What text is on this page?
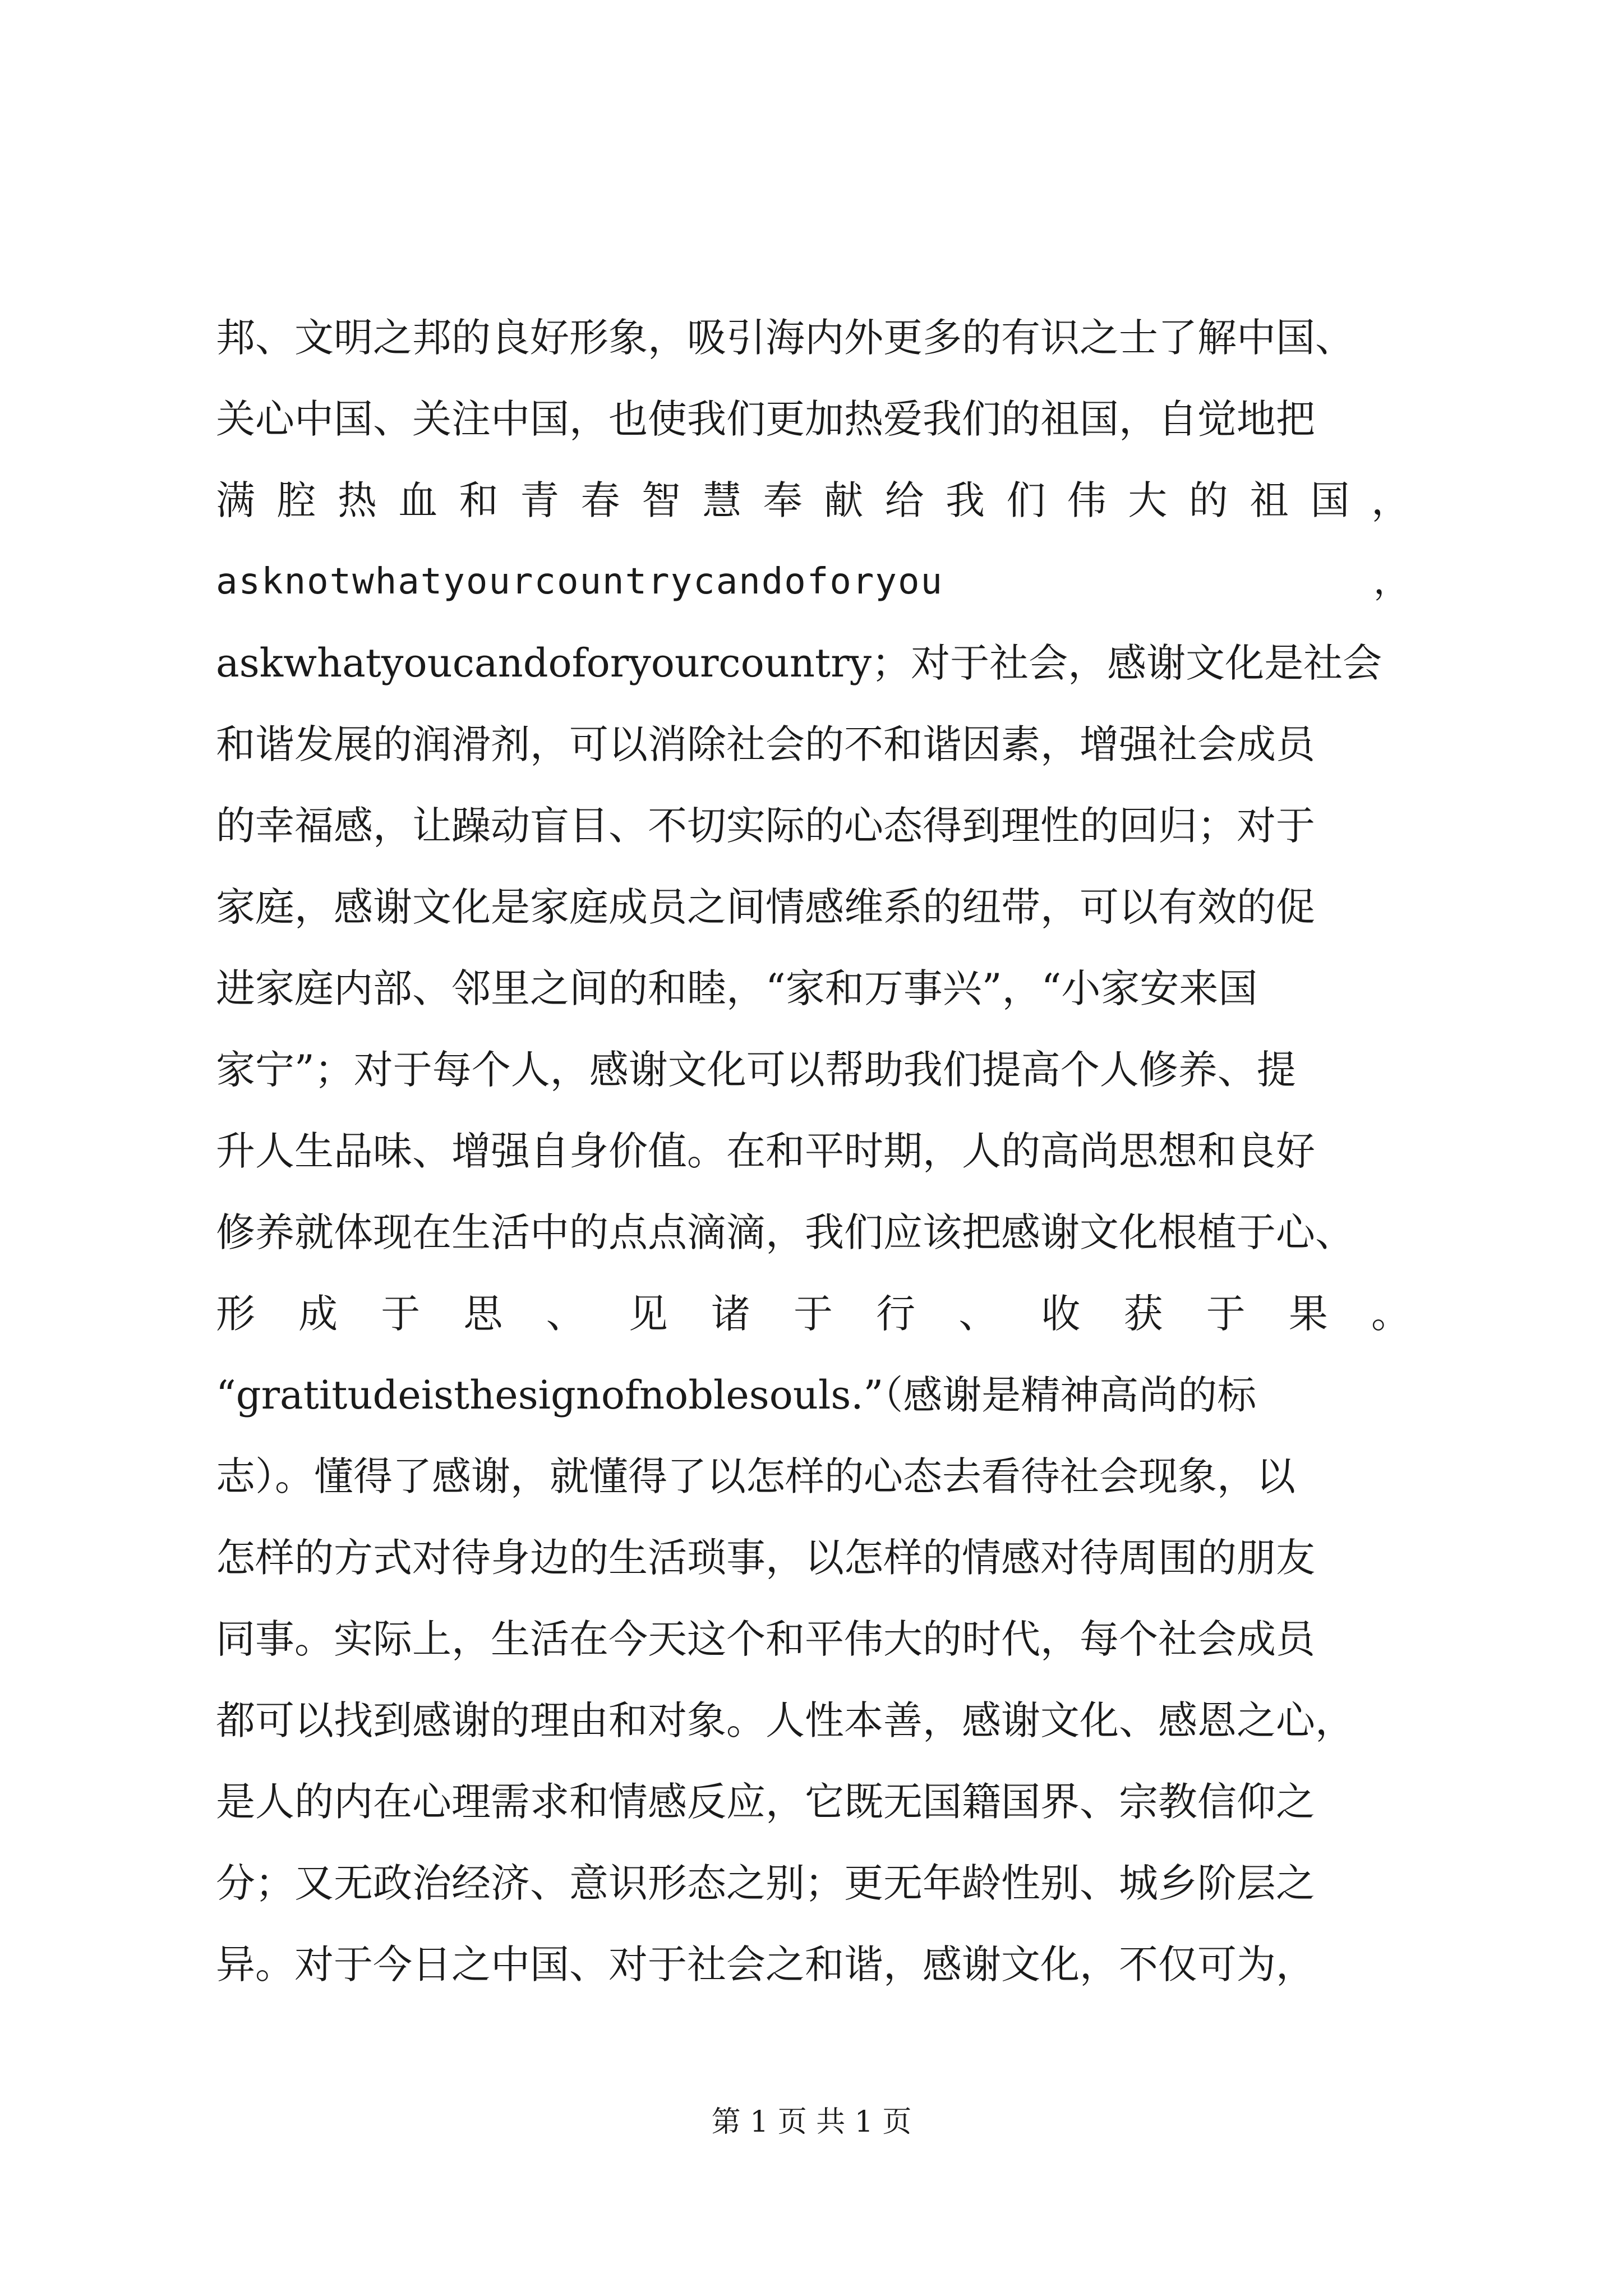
邦、文明之邦的良好形象，吸引海内外更多的有识之士了解中国、
关心中国、关注中国，也使我们更加热爱我们的祖国，自觉地把
满 腔 热 血 和 青 春 智 慧 奉 献 给 我 们 伟 大 的 祖 国 ，
asknotwhatyourcountrycandoforyou	，
askwhatyoucandoforyourcountry；对于社会，感谢文化是社会
和谐发展的润滑剂，可以消除社会的不和谐因素，增强社会成员
的幸福感，让躁动盲目、不切实际的心态得到理性的回归；对于
家庭，感谢文化是家庭成员之间情感维系的纽带，可以有效的促
进家庭内部、邻里之间的和睦，“家和万事兴”，“小家安来国
家宁”；对于每个人，感谢文化可以帮助我们提高个人修养、提
升人生品味、增强自身价值。在和平时期，人的高尚思想和良好
修养就体现在生活中的点点滴滴，我们应该把感谢文化根植于心、
形 成 于 思 、 见 诸 于 行 、 收 获 于 果 。
“gratitudeisthesignofnoblesouls.”（感谢是精神高尚的标
志）。懂得了感谢，就懂得了以怎样的心态去看待社会现象，以
怎样的方式对待身边的生活琐事，以怎样的情感对待周围的朋友
同事。实际上，生活在今天这个和平伟大的时代，每个社会成员
都可以找到感谢的理由和对象。人性本善，感谢文化、感恩之心，
是人的内在心理需求和情感反应，它既无国籍国界、宗教信仰之
分；又无政治经济、意识形态之别；更无年龄性别、城乡阶层之
异。对于今日之中国、对于社会之和谐，感谢文化，不仅可为，
第 1 页 共 1 页
